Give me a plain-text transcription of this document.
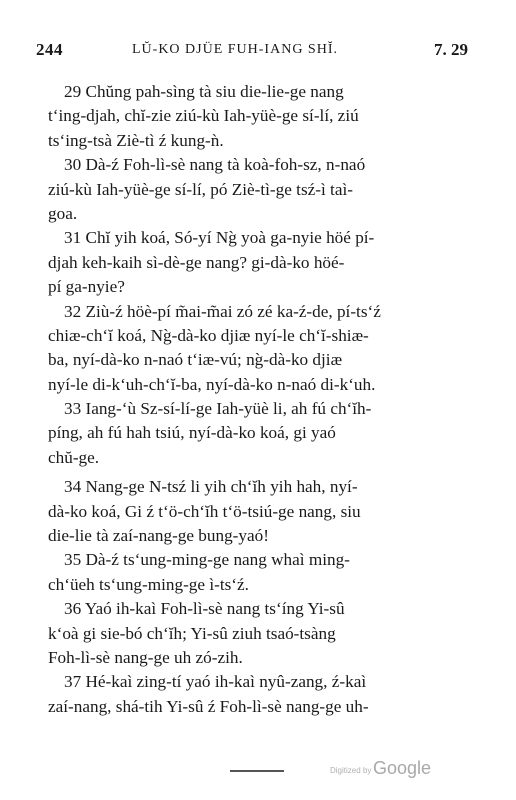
244	LŬ-KO DJÜE FUH-IANG SHĬ.	7. 29
29 Chŭng pah-sìng tà siu die-lie-ge nang
t‘ing-djah, chĭ-zie ziú-kù Iah-yüè-ge sí-lí, ziú
ts‘ing-tsà Ziè-tì ź kung-ǹ.
30 Dà-ź Foh-lì-sè nang tà koà-foh-sz, n-naó
ziú-kù Iah-yüè-ge sí-lí, pó Ziè-tì-ge tsź-ì taì-
goa.
31 Chĭ yih koá, Só-yí Ng̀ yoà ga-nyie höé pí-
djah keh-kaih sì-dè-ge nang? gi-dà-ko höé-
pí ga-nyie?
32 Ziù-ź höè-pí m̃ai-m̃ai zó zé ka-ź-de, pí-ts‘ź
chiæ-ch‘ĭ koá, Ng̀-dà-ko djiæ nyí-le ch‘ĭ-shiæ-
ba, nyí-dà-ko n-naó t‘iæ-vú; ng̀-dà-ko djiæ
nyí-le di-k‘uh-ch‘ĭ-ba, nyí-dà-ko n-naó di-k‘uh.
33 Iang-‘ù Sz-sí-lí-ge Iah-yüè li, ah fú ch‘ĭh-
píng, ah fú hah tsiú, nyí-dà-ko koá, gi yaó
chŭ-ge.
34 Nang-ge N-tsź li yih ch‘ĭh yih hah, nyí-
dà-ko koá, Gi ź t‘ö-ch‘ĭh t‘ö-tsiú-ge nang, siu
die-lie tà zaí-nang-ge bung-yaó!
35 Dà-ź ts‘ung-ming-ge nang whaì ming-
ch‘üeh ts‘ung-ming-ge ì-ts‘ź.
36 Yaó ih-kaì Foh-lì-sè nang ts‘íng Yi-sû
k‘oà gi sie-bó ch‘ĭh; Yi-sû ziuh tsaó-tsàng
Foh-lì-sè nang-ge uh zó-zih.
37 Hé-kaì zing-tí yaó ih-kaì nyû-zang, ź-kaì
zaí-nang, shá-tih Yi-sû ź Foh-lì-sè nang-ge uh-
Digitized by Google
